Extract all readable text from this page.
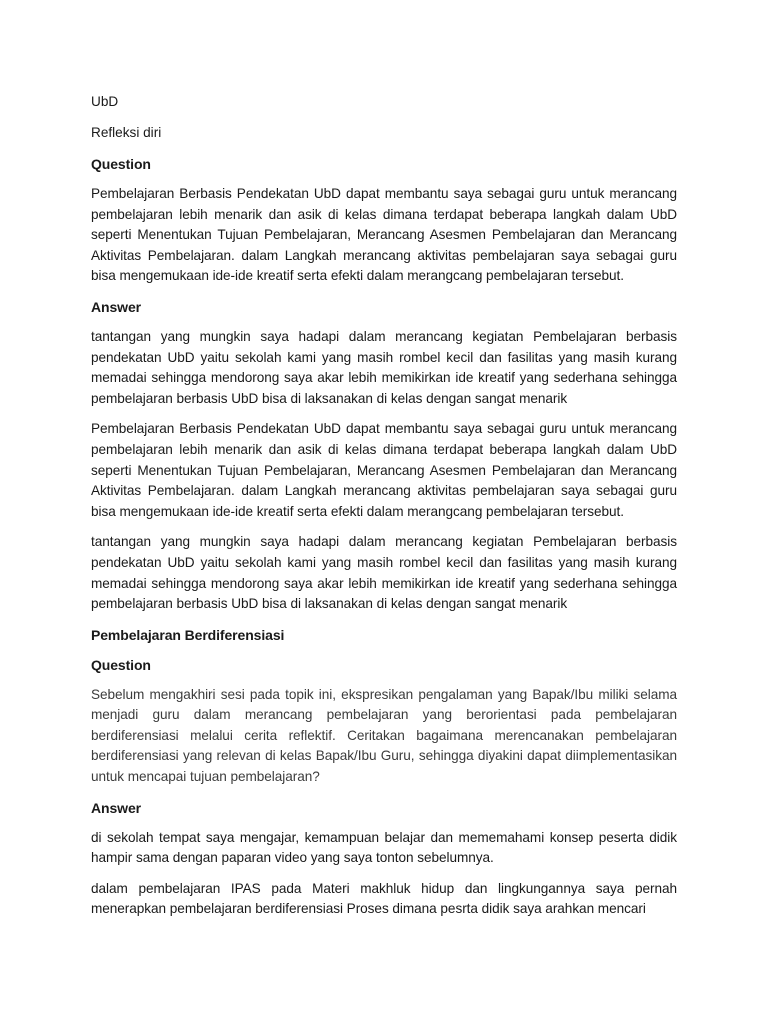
UbD
Refleksi diri
Question
Pembelajaran Berbasis Pendekatan UbD dapat membantu saya sebagai guru untuk merancang pembelajaran lebih menarik dan asik di kelas dimana terdapat beberapa langkah dalam UbD seperti Menentukan Tujuan Pembelajaran, Merancang Asesmen Pembelajaran dan Merancang Aktivitas Pembelajaran. dalam Langkah merancang aktivitas pembelajaran saya sebagai guru bisa mengemukaan ide-ide kreatif serta efekti dalam merangcang pembelajaran tersebut.
Answer
tantangan yang mungkin saya hadapi dalam merancang kegiatan Pembelajaran berbasis pendekatan UbD yaitu sekolah kami yang masih rombel kecil dan fasilitas yang masih kurang memadai sehingga mendorong saya akar lebih memikirkan ide kreatif yang sederhana sehingga pembelajaran berbasis UbD bisa di laksanakan di kelas dengan sangat menarik
Pembelajaran Berbasis Pendekatan UbD dapat membantu saya sebagai guru untuk merancang pembelajaran lebih menarik dan asik di kelas dimana terdapat beberapa langkah dalam UbD seperti Menentukan Tujuan Pembelajaran, Merancang Asesmen Pembelajaran dan Merancang Aktivitas Pembelajaran. dalam Langkah merancang aktivitas pembelajaran saya sebagai guru bisa mengemukaan ide-ide kreatif serta efekti dalam merangcang pembelajaran tersebut.
tantangan yang mungkin saya hadapi dalam merancang kegiatan Pembelajaran berbasis pendekatan UbD yaitu sekolah kami yang masih rombel kecil dan fasilitas yang masih kurang memadai sehingga mendorong saya akar lebih memikirkan ide kreatif yang sederhana sehingga pembelajaran berbasis UbD bisa di laksanakan di kelas dengan sangat menarik
Pembelajaran Berdiferensiasi
Question
Sebelum mengakhiri sesi pada topik ini, ekspresikan pengalaman yang Bapak/Ibu miliki selama menjadi guru dalam merancang pembelajaran yang berorientasi pada pembelajaran berdiferensiasi melalui cerita reflektif. Ceritakan bagaimana merencanakan pembelajaran berdiferensiasi yang relevan di kelas Bapak/Ibu Guru, sehingga diyakini dapat diimplementasikan untuk mencapai tujuan pembelajaran?
Answer
di sekolah tempat saya mengajar, kemampuan belajar dan mememahami konsep peserta didik hampir sama dengan paparan video yang saya tonton sebelumnya.
dalam pembelajaran IPAS pada Materi makhluk hidup dan lingkungannya saya pernah menerapkan pembelajaran berdiferensiasi Proses dimana pesrta didik saya arahkan mencari
